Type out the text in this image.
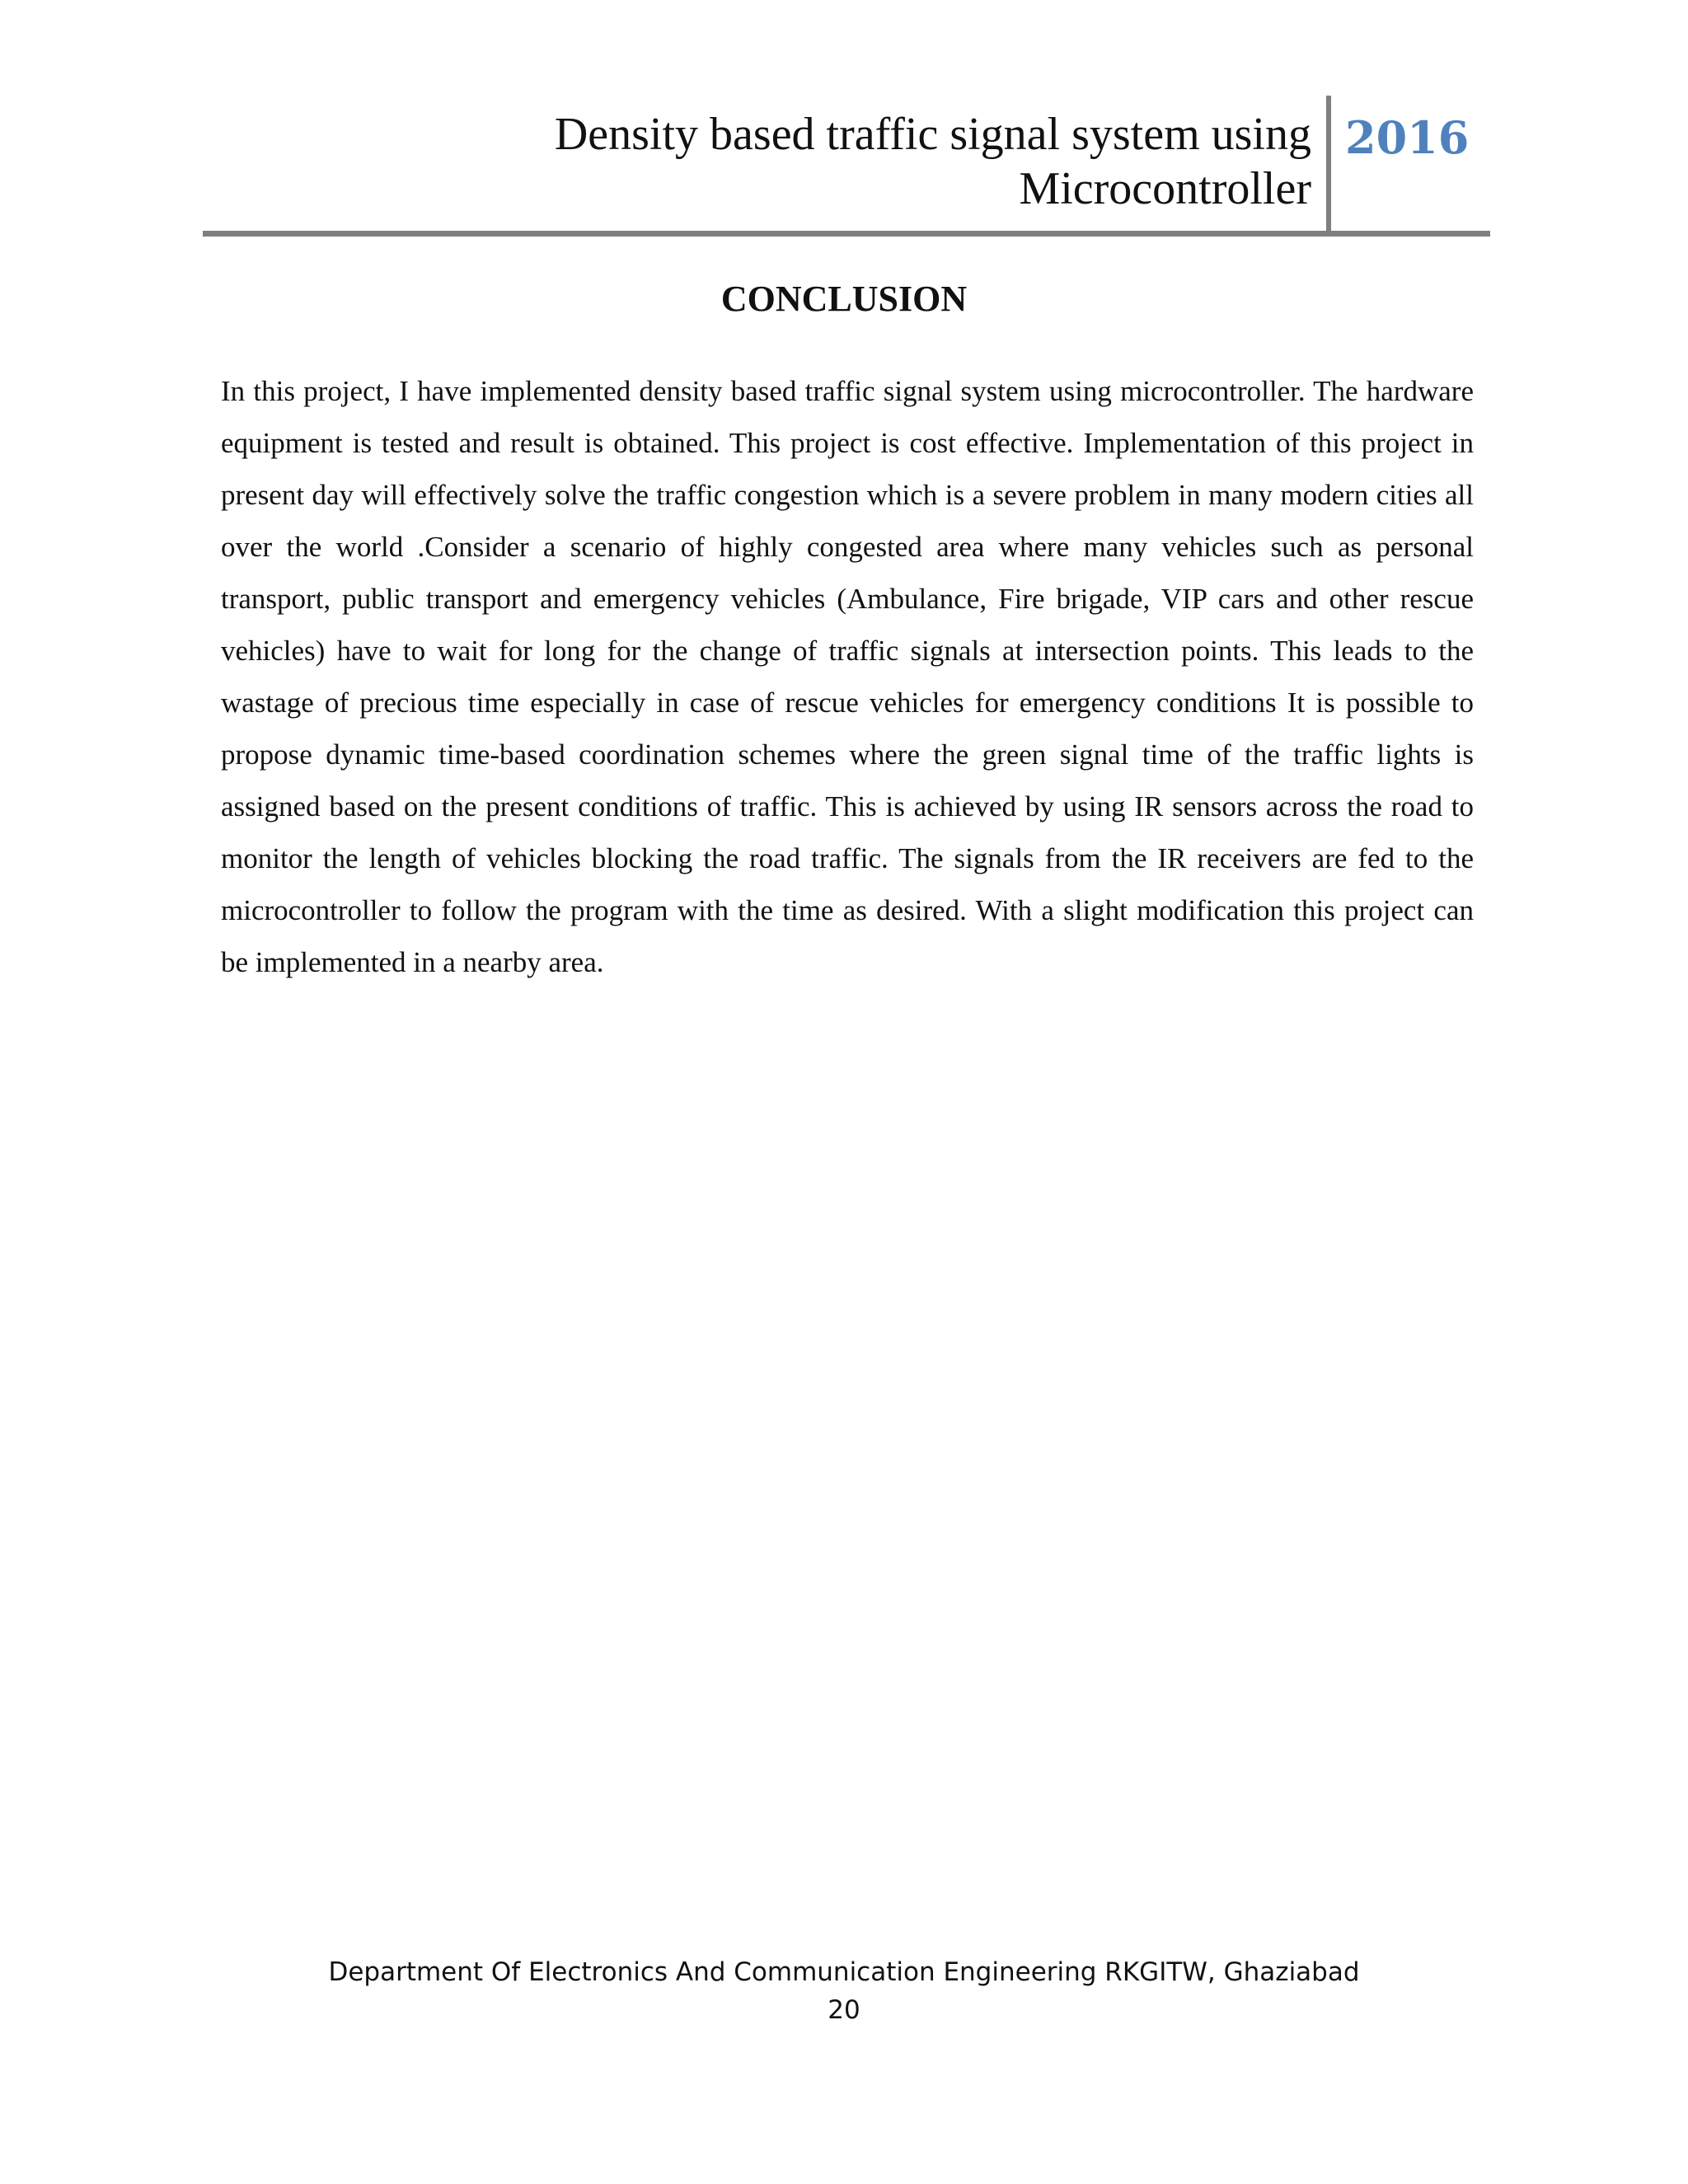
Density based traffic signal system using
Microcontroller
2016
CONCLUSION

In this project, I have implemented density based traffic signal system using microcontroller. The hardware equipment is tested and result is obtained. This project is cost effective. Implementation of this project in present day will effectively solve the traffic congestion which is a severe problem in many modern cities all over the world .Consider a scenario of highly congested area where many vehicles such as personal transport, public transport and emergency vehicles (Ambulance, Fire brigade, VIP cars and other rescue vehicles) have to wait for long for the change of traffic signals at intersection points. This leads to the wastage of precious time especially in case of rescue vehicles for emergency conditions It is possible to propose dynamic time-based coordination schemes where the green signal time of the traffic lights is assigned based on the present conditions of traffic. This is achieved by using IR sensors across the road to monitor the length of vehicles blocking the road traffic. The signals from the IR receivers are fed to the microcontroller to follow the program with the time as desired. With a slight modification this project can be implemented in a nearby area.

Department Of Electronics And Communication Engineering RKGITW, Ghaziabad
20
